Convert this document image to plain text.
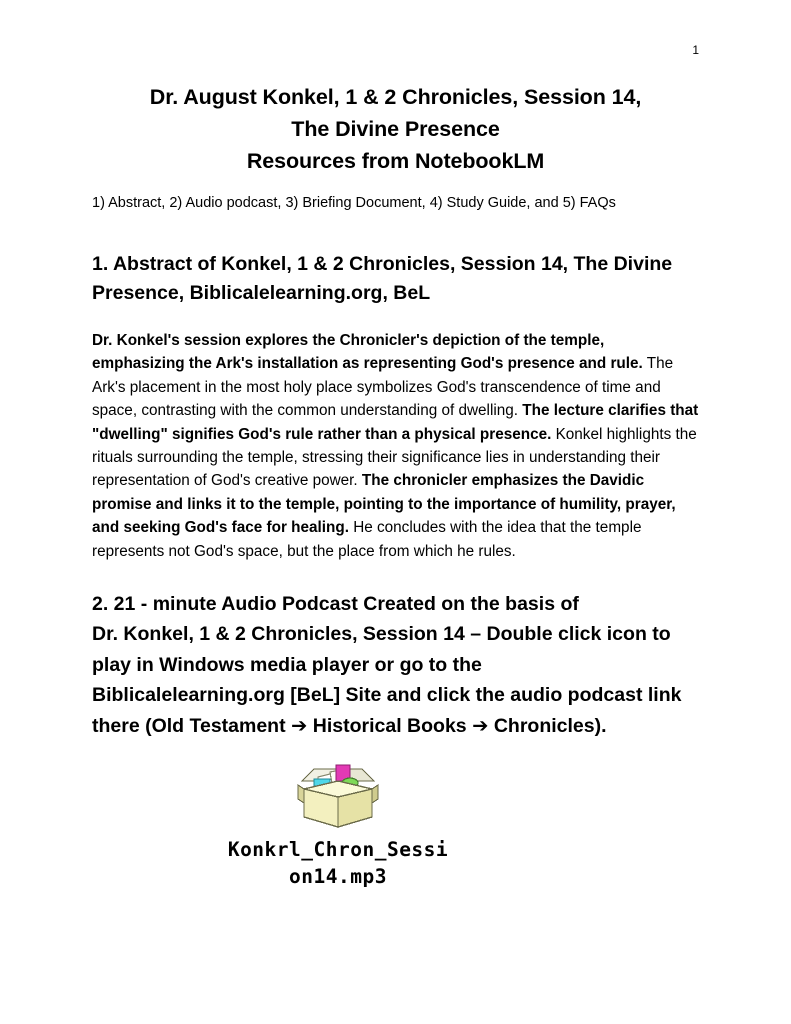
1
Dr. August Konkel, 1 & 2 Chronicles, Session 14,
The Divine Presence
Resources from NotebookLM

1) Abstract, 2) Audio podcast, 3) Briefing Document, 4) Study Guide, and 5) FAQs

1. Abstract of Konkel, 1 & 2 Chronicles, Session 14, The Divine Presence, Biblicalelearning.org, BeL

Dr. Konkel's session explores the Chronicler's depiction of the temple, emphasizing the Ark's installation as representing God's presence and rule. The Ark's placement in the most holy place symbolizes God's transcendence of time and space, contrasting with the common understanding of dwelling. The lecture clarifies that "dwelling" signifies God's rule rather than a physical presence. Konkel highlights the rituals surrounding the temple, stressing their significance lies in understanding their representation of God's creative power. The chronicler emphasizes the Davidic promise and links it to the temple, pointing to the importance of humility, prayer, and seeking God's face for healing. He concludes with the idea that the temple represents not God's space, but the place from which he rules.

2. 21 - minute Audio Podcast Created on the basis of
Dr. Konkel, 1 & 2 Chronicles, Session 14 – Double click icon to
play in Windows media player or go to the
Biblicalelearning.org [BeL] Site and click the audio podcast link
there (Old Testament ➔ Historical Books ➔ Chronicles).
Konkrl_Chron_Sessi
on14.mp3
